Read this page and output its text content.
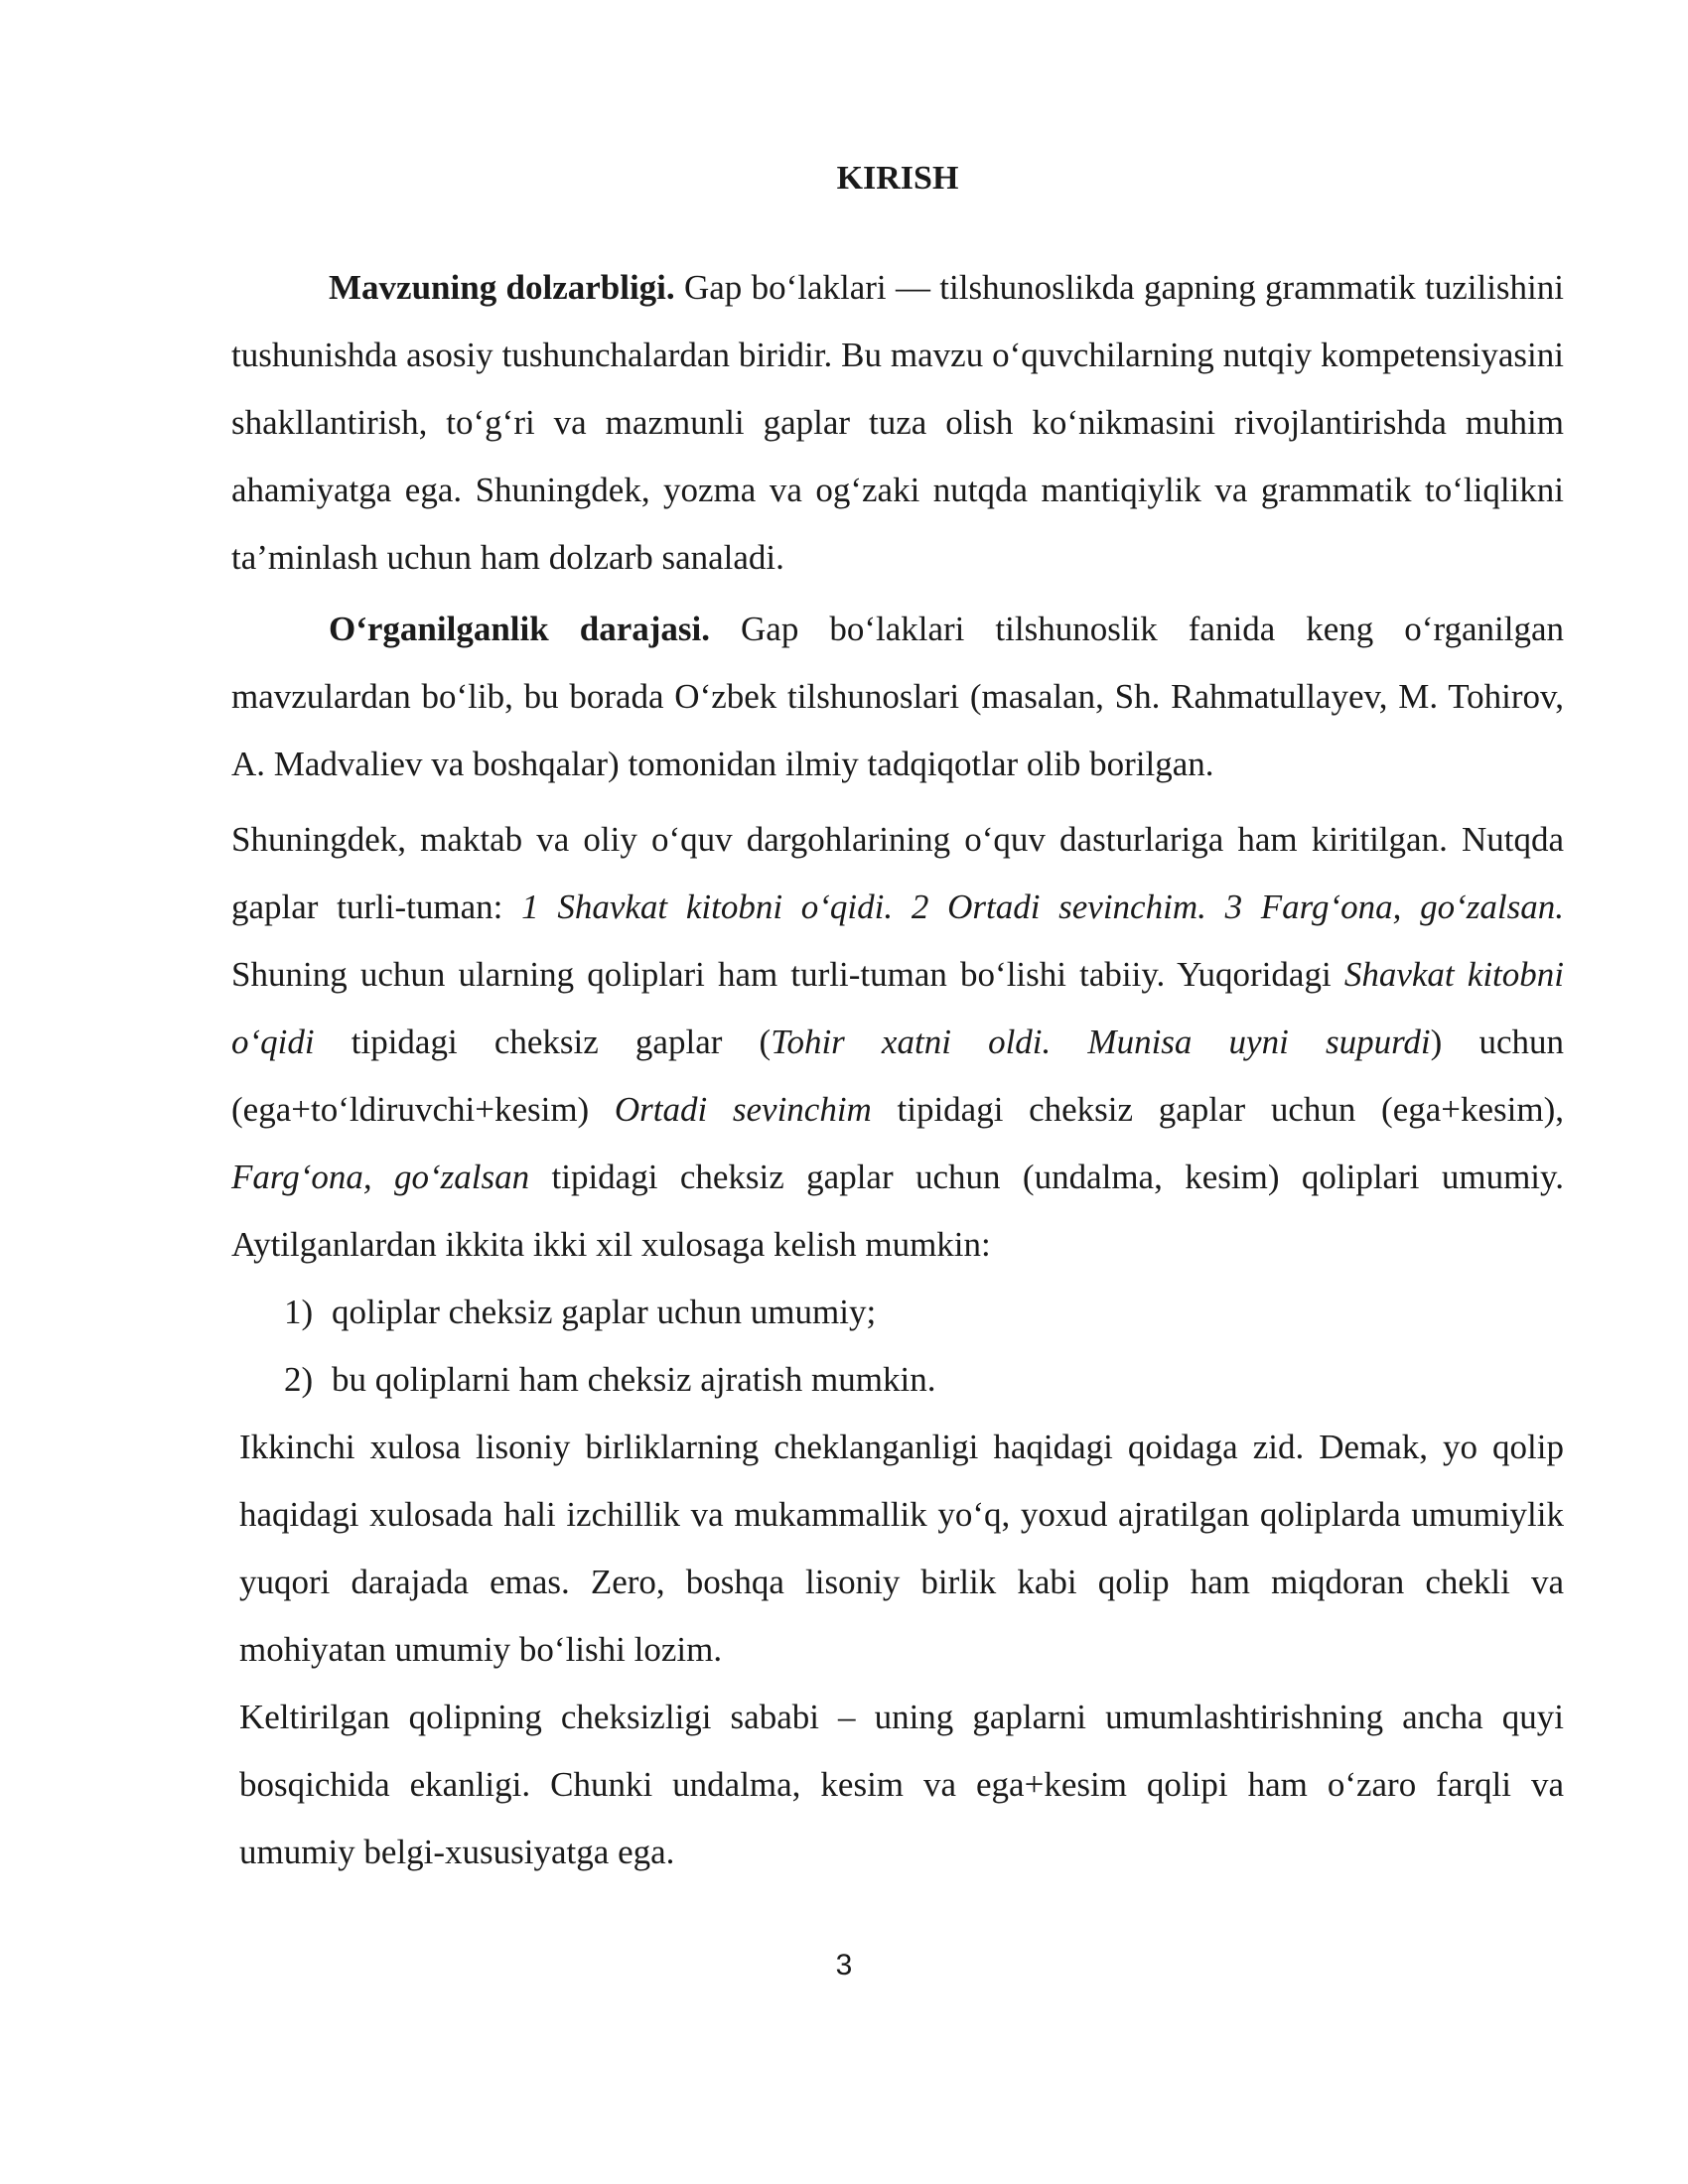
KIRISH

Mavzuning dolzarbligi. Gap bo‘laklari — tilshunoslikda gapning grammatik tuzilishini tushunishda asosiy tushunchalardan biridir. Bu mavzu o‘quvchilarning nutqiy kompetensiyasini shakllantirish, to‘g‘ri va mazmunli gaplar tuza olish ko‘nikmasini rivojlantirishda muhim ahamiyatga ega. Shuningdek, yozma va og‘zaki nutqda mantiqiylik va grammatik to‘liqlikni ta’minlash uchun ham dolzarb sanaladi.

O‘rganilganlik darajasi. Gap bo‘laklari tilshunoslik fanida keng o‘rganilgan mavzulardan bo‘lib, bu borada O‘zbek tilshunoslari (masalan, Sh. Rahmatullayev, M. Tohirov, A. Madvaliev va boshqalar) tomonidan ilmiy tadqiqotlar olib borilgan.

Shuningdek, maktab va oliy o‘quv dargohlarining o‘quv dasturlariga ham kiritilgan. Nutqda gaplar turli-tuman: 1 Shavkat kitobni o‘qidi. 2 Ortadi sevinchim. 3 Farg‘ona, go‘zalsan. Shuning uchun ularning qoliplari ham turli-tuman bo‘lishi tabiiy. Yuqoridagi Shavkat kitobni o‘qidi tipidagi cheksiz gaplar (Tohir xatni oldi. Munisa uyni supurdi) uchun (ega+to‘ldiruvchi+kesim) Ortadi sevinchim tipidagi cheksiz gaplar uchun (ega+kesim), Farg‘ona, go‘zalsan tipidagi cheksiz gaplar uchun (undalma, kesim) qoliplari umumiy. Aytilganlardan ikkita ikki xil xulosaga kelish mumkin:

1) qoliplar cheksiz gaplar uchun umumiy;
2) bu qoliplarni ham cheksiz ajratish mumkin.

Ikkinchi xulosa lisoniy birliklarning cheklanganligi haqidagi qoidaga zid. Demak, yo qolip haqidagi xulosada hali izchillik va mukammallik yo‘q, yoxud ajratilgan qoliplarda umumiylik yuqori darajada emas. Zero, boshqa lisoniy birlik kabi qolip ham miqdoran chekli va mohiyatan umumiy bo‘lishi lozim.

Keltirilgan qolipning cheksizligi sababi – uning gaplarni umumlashtirishning ancha quyi bosqichida ekanligi. Chunki undalma, kesim va ega+kesim qolipi ham o‘zaro farqli va umumiy belgi-xususiyatga ega.

3
